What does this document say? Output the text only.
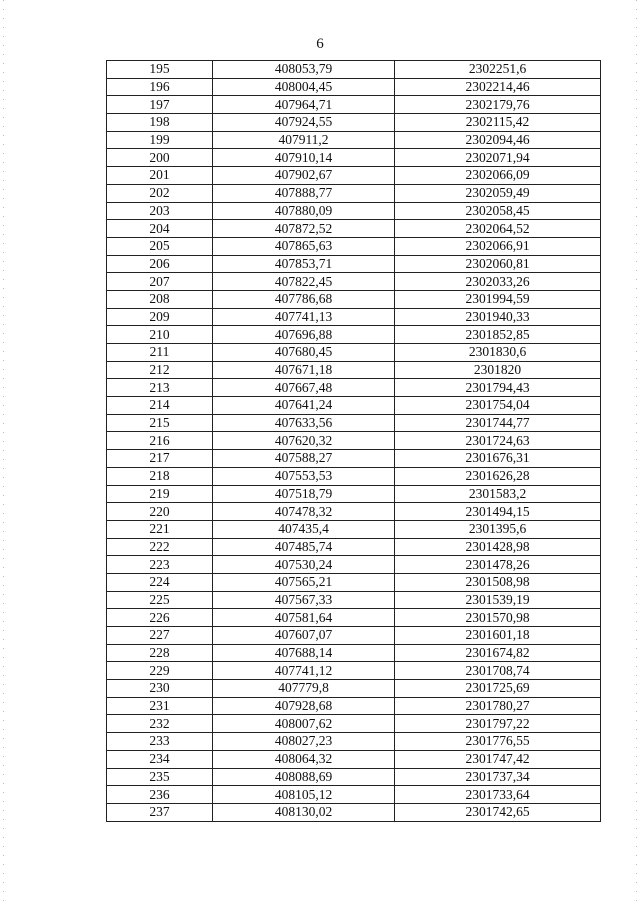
6
195	408053,79	2302251,6
196	408004,45	2302214,46
197	407964,71	2302179,76
198	407924,55	2302115,42
199	407911,2	2302094,46
200	407910,14	2302071,94
201	407902,67	2302066,09
202	407888,77	2302059,49
203	407880,09	2302058,45
204	407872,52	2302064,52
205	407865,63	2302066,91
206	407853,71	2302060,81
207	407822,45	2302033,26
208	407786,68	2301994,59
209	407741,13	2301940,33
210	407696,88	2301852,85
211	407680,45	2301830,6
212	407671,18	2301820
213	407667,48	2301794,43
214	407641,24	2301754,04
215	407633,56	2301744,77
216	407620,32	2301724,63
217	407588,27	2301676,31
218	407553,53	2301626,28
219	407518,79	2301583,2
220	407478,32	2301494,15
221	407435,4	2301395,6
222	407485,74	2301428,98
223	407530,24	2301478,26
224	407565,21	2301508,98
225	407567,33	2301539,19
226	407581,64	2301570,98
227	407607,07	2301601,18
228	407688,14	2301674,82
229	407741,12	2301708,74
230	407779,8	2301725,69
231	407928,68	2301780,27
232	408007,62	2301797,22
233	408027,23	2301776,55
234	408064,32	2301747,42
235	408088,69	2301737,34
236	408105,12	2301733,64
237	408130,02	2301742,65
